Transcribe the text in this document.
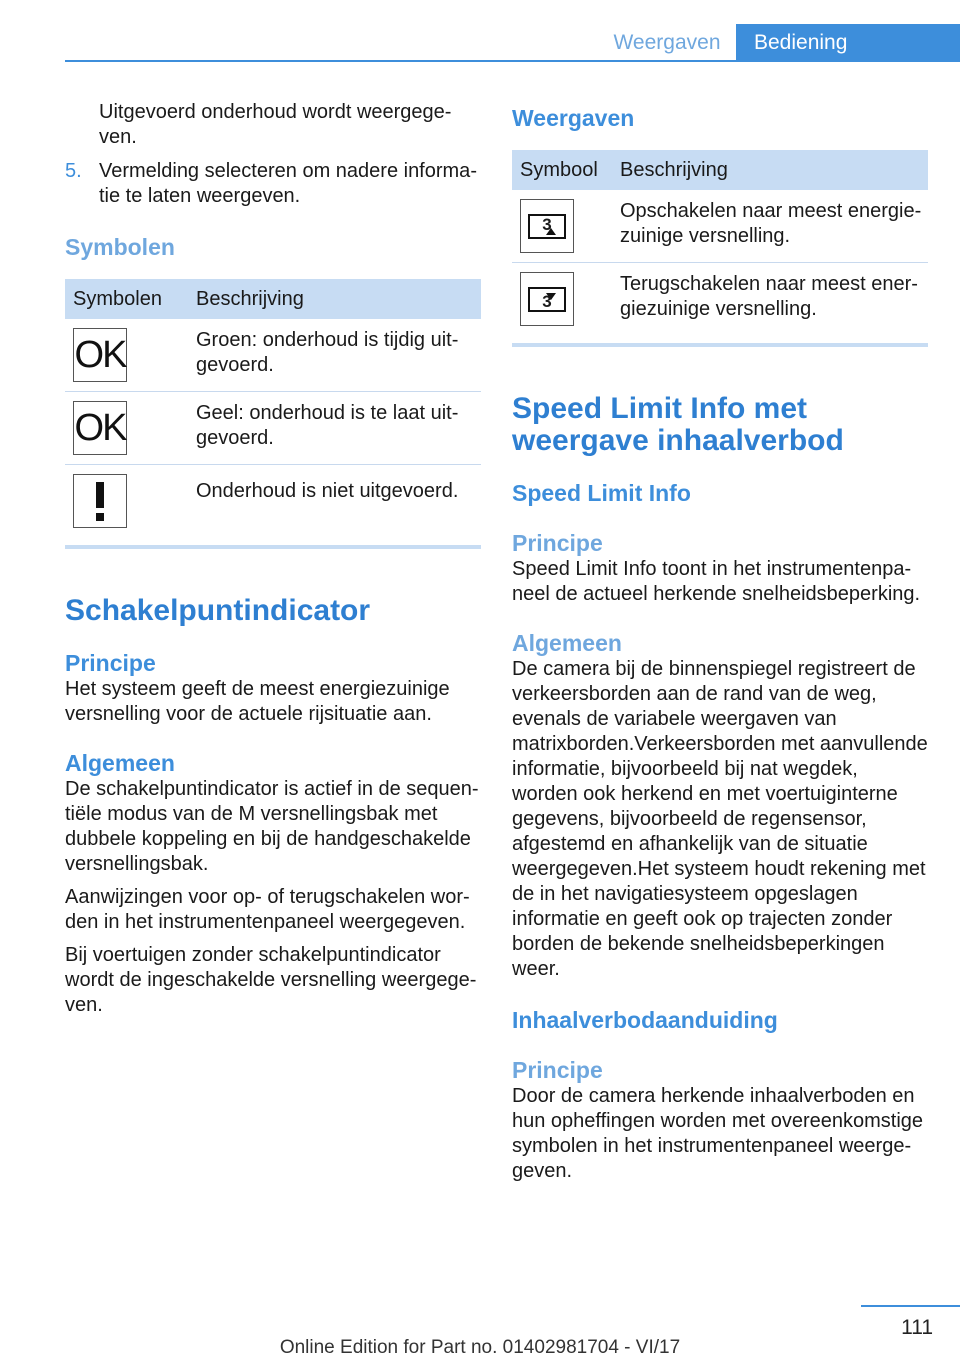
Weergaven	Bediening

Uitgevoerd onderhoud wordt weergegeven.

5. Vermelding selecteren om nadere informatie te laten weergeven.
Symbolen
Symbolen	Beschrijving

OK	Groen: onderhoud is tijdig uitgevoerd.

OK	Geel: onderhoud is te laat uitgevoerd.

	Onderhoud is niet uitgevoerd.
Schakelpuntindicator
Principe

Het systeem geeft de meest energiezuinige versnelling voor de actuele rijsituatie aan.

Algemeen

De schakelpuntindicator is actief in de sequentiële modus van de M versnellingsbak met dubbele koppeling en bij de handgeschakelde versnellingsbak.

Aanwijzingen voor op- of terugschakelen worden in het instrumentenpaneel weergegeven.

Bij voertuigen zonder schakelpuntindicator wordt de ingeschakelde versnelling weergegeven.

Weergaven
Symbool	Beschrijving

3	Opschakelen naar meest energiezuinige versnelling.

3	Terugschakelen naar meest energiezuinige versnelling.
Speed Limit Info met weergave inhaalverbod
Speed Limit Info
Principe

Speed Limit Info toont in het instrumentenpaneel de actueel herkende snelheidsbeperking.

Algemeen

De camera bij de binnenspiegel registreert de verkeersborden aan de rand van de weg, evenals de variabele weergaven van matrixborden.Verkeersborden met aanvullende informatie, bijvoorbeeld bij nat wegdek, worden ook herkend en met voertuiginterne gegevens, bijvoorbeeld de regensensor, afgestemd en afhankelijk van de situatie weergegeven.Het systeem houdt rekening met de in het navigatiesysteem opgeslagen informatie en geeft ook op trajecten zonder borden de bekende snelheidsbeperkingen weer.

Inhaalverbodaanduiding
Principe

Door de camera herkende inhaalverboden en hun opheffingen worden met overeenkomstige symbolen in het instrumentenpaneel weergegeven.

111
Online Edition for Part no. 01402981704 - VI/17
